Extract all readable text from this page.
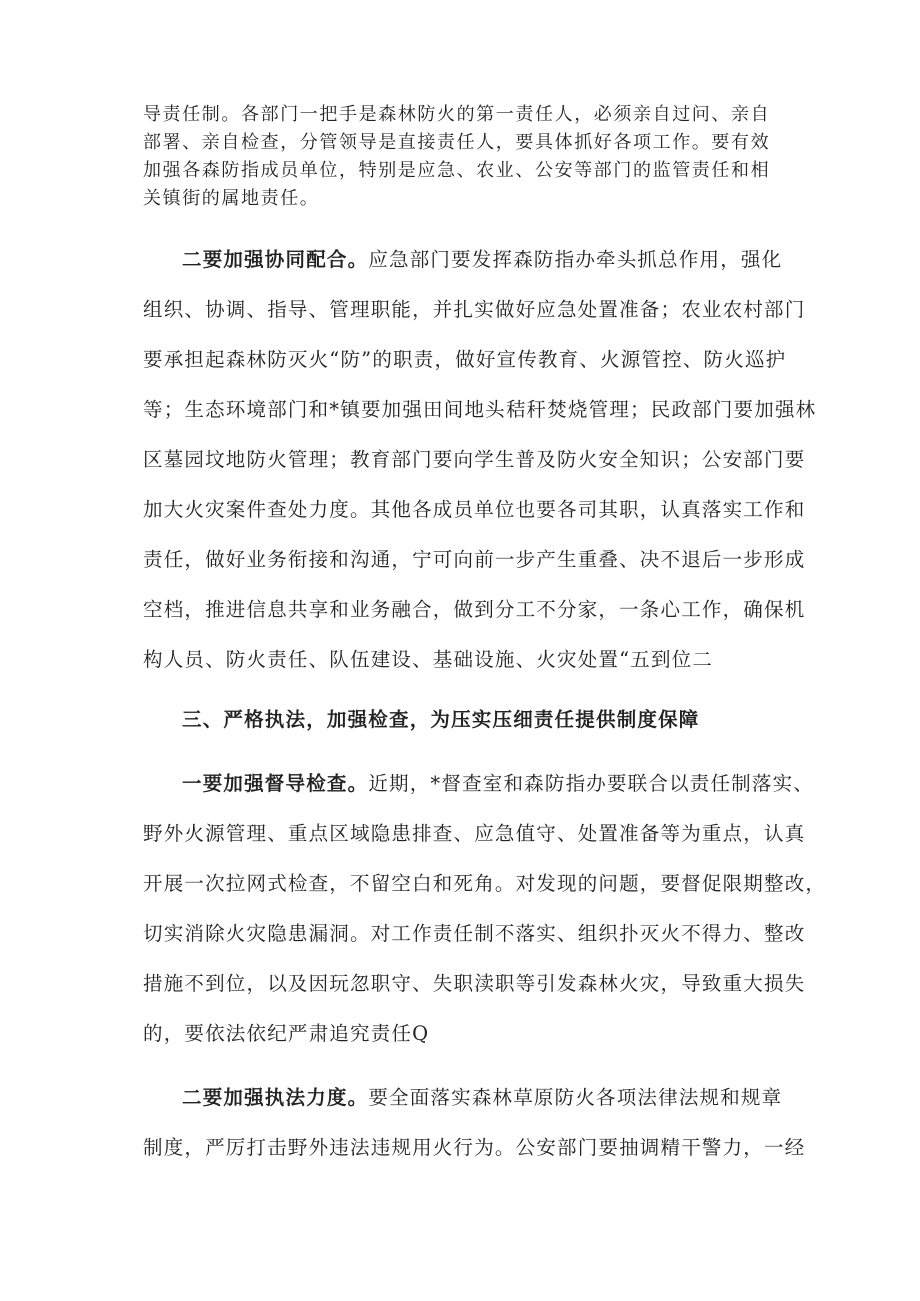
导责任制。各部门一把手是森林防火的第一责任人，必须亲自过问、亲自
部署、亲自检查，分管领导是直接责任人，要具体抓好各项工作。要有效
加强各森防指成员单位，特别是应急、农业、公安等部门的监管责任和相
关镇街的属地责任。
二要加强协同配合。应急部门要发挥森防指办牵头抓总作用，强化
组织、协调、指导、管理职能，并扎实做好应急处置准备；农业农村部门
要承担起森林防灭火“防”的职责，做好宣传教育、火源管控、防火巡护
等；生态环境部门和*镇要加强田间地头秸秆焚烧管理；民政部门要加强林
区墓园坟地防火管理；教育部门要向学生普及防火安全知识；公安部门要
加大火灾案件查处力度。其他各成员单位也要各司其职，认真落实工作和
责任，做好业务衔接和沟通，宁可向前一步产生重叠、决不退后一步形成
空档，推进信息共享和业务融合，做到分工不分家，一条心工作，确保机
构人员、防火责任、队伍建设、基础设施、火灾处置“五到位二
三、严格执法，加强检查，为压实压细责任提供制度保障
一要加强督导检查。近期，*督查室和森防指办要联合以责任制落实、
野外火源管理、重点区域隐患排查、应急值守、处置准备等为重点，认真
开展一次拉网式检查，不留空白和死角。对发现的问题，要督促限期整改，
切实消除火灾隐患漏洞。对工作责任制不落实、组织扑灭火不得力、整改
措施不到位，以及因玩忽职守、失职渎职等引发森林火灾，导致重大损失
的，要依法依纪严肃追究责任Q
二要加强执法力度。要全面落实森林草原防火各项法律法规和规章
制度，严厉打击野外违法违规用火行为。公安部门要抽调精干警力，一经
